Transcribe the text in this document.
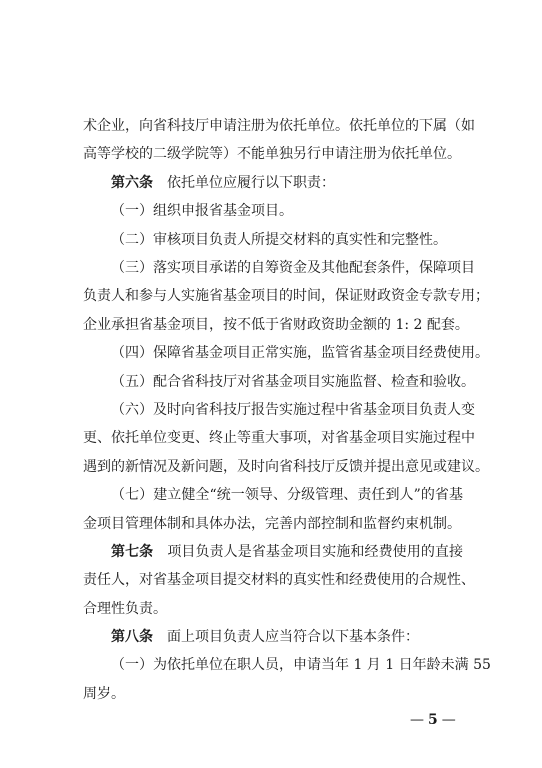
术企业，向省科技厅申请注册为依托单位。依托单位的下属（如
高等学校的二级学院等）不能单独另行申请注册为依托单位。
第六条　依托单位应履行以下职责：
（一）组织申报省基金项目。
（二）审核项目负责人所提交材料的真实性和完整性。
（三）落实项目承诺的自筹资金及其他配套条件，保障项目
负责人和参与人实施省基金项目的时间，保证财政资金专款专用；
企业承担省基金项目，按不低于省财政资助金额的 1: 2 配套。
（四）保障省基金项目正常实施，监管省基金项目经费使用。
（五）配合省科技厅对省基金项目实施监督、检查和验收。
（六）及时向省科技厅报告实施过程中省基金项目负责人变
更、依托单位变更、终止等重大事项，对省基金项目实施过程中
遇到的新情况及新问题，及时向省科技厅反馈并提出意见或建议。
（七）建立健全“统一领导、分级管理、责任到人”的省基
金项目管理体制和具体办法，完善内部控制和监督约束机制。
第七条　项目负责人是省基金项目实施和经费使用的直接
责任人，对省基金项目提交材料的真实性和经费使用的合规性、
合理性负责。
第八条　面上项目负责人应当符合以下基本条件：
（一）为依托单位在职人员，申请当年 1 月 1 日年龄未满 55
周岁。
— 5 —
